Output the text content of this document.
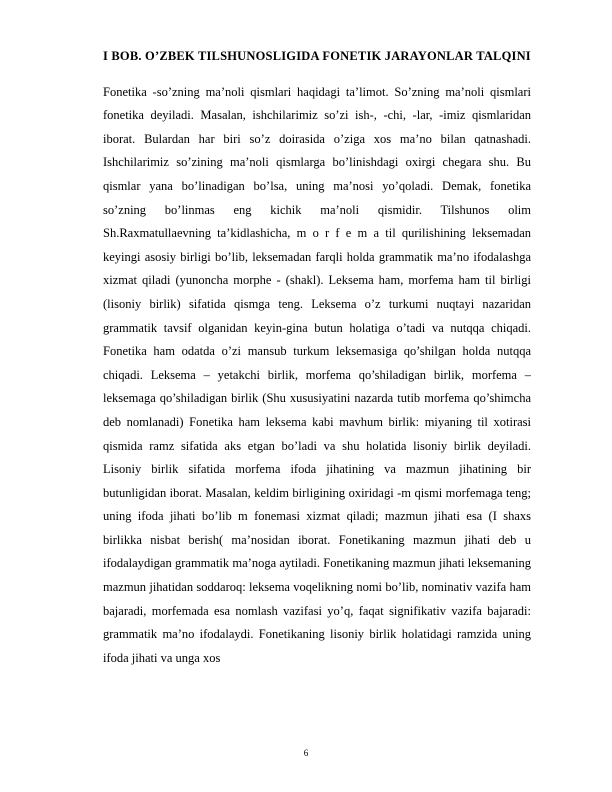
I BOB. O’ZBEK TILSHUNOSLIGIDA FONETIK JARAYONLAR TALQINI

Fonetika -so’zning ma’noli qismlari haqidagi ta’limot. So’zning ma’noli qismlari fonetika deyiladi. Masalan, ishchilarimiz so’zi ish-, -chi, -lar, -imiz qismlaridan iborat. Bulardan har biri so’z doirasida o’ziga xos ma’no bilan qatnashadi. Ishchilarimiz so’zining ma’noli qismlarga bo’linishdagi oxirgi chegara shu. Bu qismlar yana bo’linadigan bo’lsa, uning ma’nosi yo’qoladi. Demak, fonetika so’zning bo’linmas eng kichik ma’noli qismidir. Tilshunos olim Sh.Raxmatullaevning ta’kidlashicha, m o r f e m a til qurilishining leksemadan keyingi asosiy birligi bo’lib, leksemadan farqli holda grammatik ma’no ifodalashga xizmat qiladi (yunoncha morphe - (shakl). Leksema ham, morfema ham til birligi (lisoniy birlik) sifatida qismga teng. Leksema o’z turkumi nuqtayi nazaridan grammatik tavsif olganidan keyin-gina butun holatiga o’tadi va nutqqa chiqadi. Fonetika ham odatda o’zi mansub turkum leksemasiga qo’shilgan holda nutqqa chiqadi. Leksema – yetakchi birlik, morfema qo’shiladigan birlik, morfema – leksemaga qo’shiladigan birlik (Shu xususiyatini nazarda tutib morfema qo’shimcha deb nomlanadi) Fonetika ham leksema kabi mavhum birlik: miyaning til xotirasi qismida ramz sifatida aks etgan bo’ladi va shu holatida lisoniy birlik deyiladi. Lisoniy birlik sifatida morfema ifoda jihatining va mazmun jihatining bir butunligidan iborat. Masalan, keldim birligining oxiridagi -m qismi morfemaga teng; uning ifoda jihati bo’lib m fonemasi xizmat qiladi; mazmun jihati esa (I shaxs birlikka nisbat berish( ma’nosidan iborat. Fonetikaning mazmun jihati deb u ifodalaydigan grammatik ma’noga aytiladi. Fonetikaning mazmun jihati leksemaning mazmun jihatidan soddaroq: leksema voqelikning nomi bo’lib, nominativ vazifa ham bajaradi, morfemada esa nomlash vazifasi yo’q, faqat signifikativ vazifa bajaradi: grammatik ma’no ifodalaydi. Fonetikaning lisoniy birlik holatidagi ramzida uning ifoda jihati va unga xos

6
